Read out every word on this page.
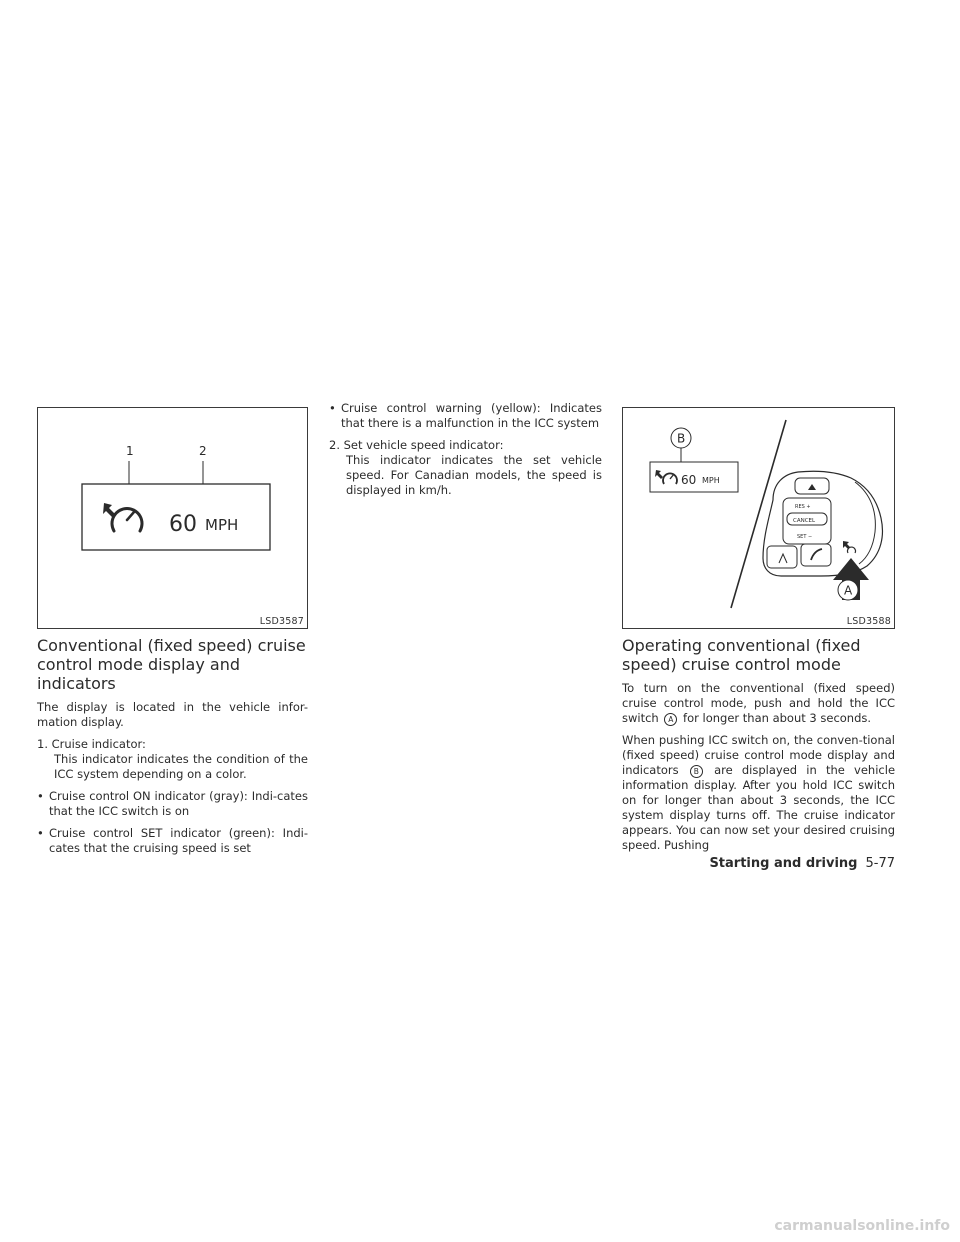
1	2
60 MPH
LSD3587
Conventional (fixed speed) cruise control mode display and indicators

The display is located in the vehicle infor-mation display.

1. Cruise indicator:
This indicator indicates the condition of the ICC system depending on a color.
• Cruise control ON indicator (gray): Indi-cates that the ICC switch is on
• Cruise control SET indicator (green): Indi-cates that the cruising speed is set
• Cruise control warning (yellow): Indicates that there is a malfunction in the ICC system
2. Set vehicle speed indicator:
This indicator indicates the set vehicle speed. For Canadian models, the speed is displayed in km/h.
B
60 MPH
RES +
CANCEL
SET −
A
LSD3588
Operating conventional (fixed speed) cruise control mode

To turn on the conventional (fixed speed) cruise control mode, push and hold the ICC switch A for longer than about 3 seconds.

When pushing ICC switch on, the conven-tional (fixed speed) cruise control mode display and indicators B are displayed in the vehicle information display. After you hold ICC switch on for longer than about 3 seconds, the ICC system display turns off. The cruise indicator appears. You can now set your desired cruising speed. Pushing

Starting and driving 5-77
carmanualsonline.info
